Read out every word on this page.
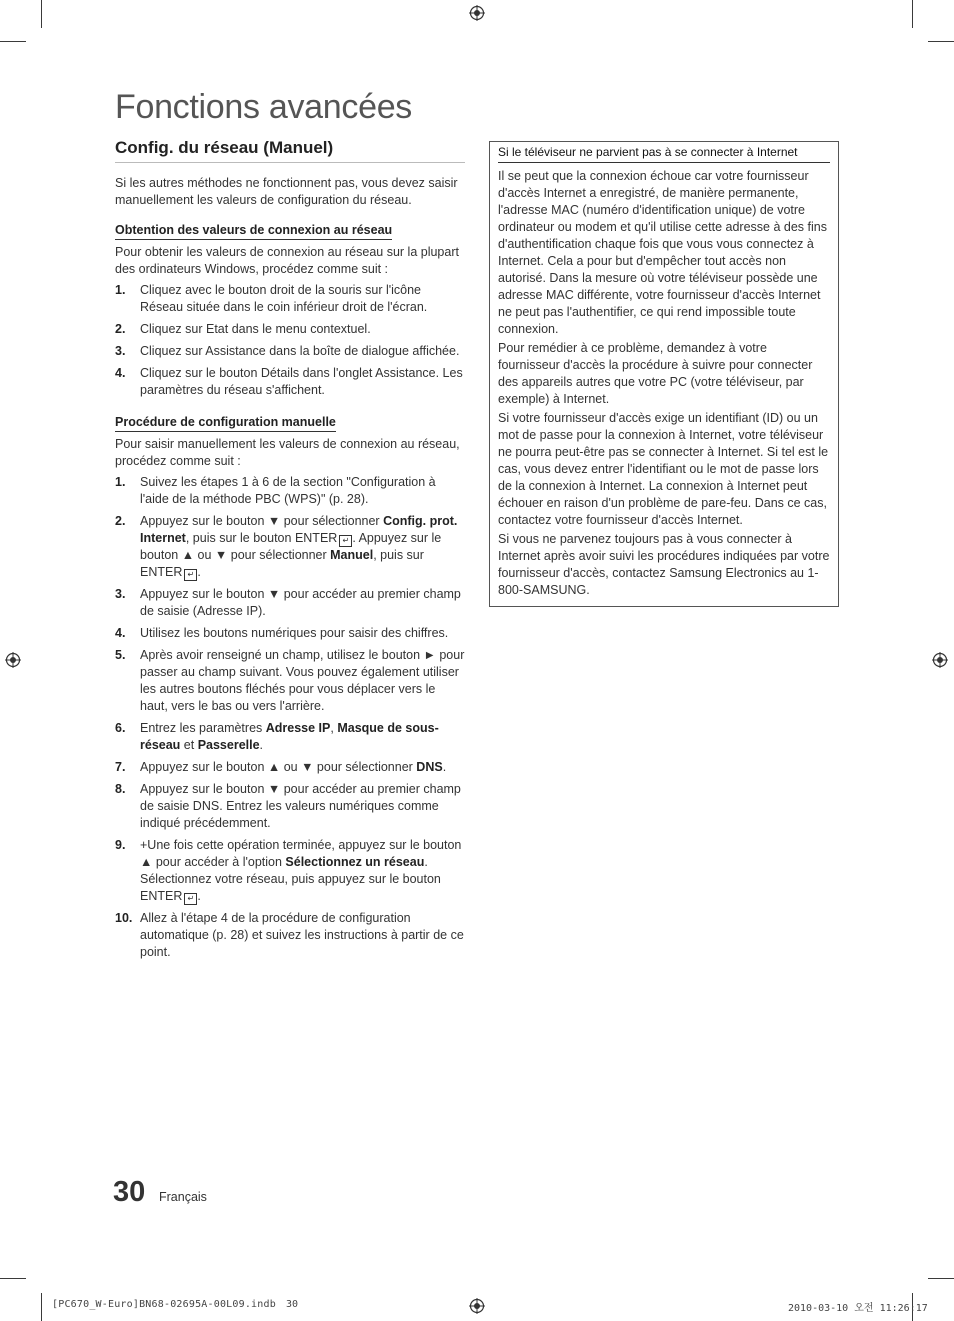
Fonctions avancées
Config. du réseau (Manuel)

Si les autres méthodes ne fonctionnent pas, vous devez saisir manuellement les valeurs de configuration du réseau.

Obtention des valeurs de connexion au réseau

Pour obtenir les valeurs de connexion au réseau sur la plupart des ordinateurs Windows, procédez comme suit :

1.	Cliquez avec le bouton droit de la souris sur l'icône Réseau située dans le coin inférieur droit de l'écran.
2.	Cliquez sur Etat dans le menu contextuel.
3.	Cliquez sur Assistance dans la boîte de dialogue affichée.
4.	Cliquez sur le bouton Détails dans l'onglet Assistance. Les paramètres du réseau s'affichent.
Procédure de configuration manuelle

Pour saisir manuellement les valeurs de connexion au réseau, procédez comme suit :

1.	Suivez les étapes 1 à 6 de la section "Configuration à l'aide de la méthode PBC (WPS)" (p. 28).
2.	Appuyez sur le bouton ▼ pour sélectionner Config. prot. Internet, puis sur le bouton ENTER ↵ . Appuyez sur le bouton ▲ ou ▼ pour sélectionner Manuel, puis sur ENTER ↵ .
3.	Appuyez sur le bouton ▼ pour accéder au premier champ de saisie (Adresse IP).
4.	Utilisez les boutons numériques pour saisir des chiffres.
5.	Après avoir renseigné un champ, utilisez le bouton ► pour passer au champ suivant. Vous pouvez également utiliser les autres boutons fléchés pour vous déplacer vers le haut, vers le bas ou vers l'arrière.
6.	Entrez les paramètres Adresse IP, Masque de sous-réseau et Passerelle.
7.	Appuyez sur le bouton ▲ ou ▼ pour sélectionner DNS.
8.	Appuyez sur le bouton ▼ pour accéder au premier champ de saisie DNS. Entrez les valeurs numériques comme indiqué précédemment.
9.	+Une fois cette opération terminée, appuyez sur le bouton ▲ pour accéder à l'option Sélectionnez un réseau. Sélectionnez votre réseau, puis appuyez sur le bouton ENTER ↵ .
10. Allez à l'étape 4 de la procédure de configuration automatique (p. 28) et suivez les instructions à partir de ce point.
Si le téléviseur ne parvient pas à se connecter à Internet

Il se peut que la connexion échoue car votre fournisseur d'accès Internet a enregistré, de manière permanente, l'adresse MAC (numéro d'identification unique) de votre ordinateur ou modem et qu'il utilise cette adresse à des fins d'authentification chaque fois que vous vous connectez à Internet. Cela a pour but d'empêcher tout accès non autorisé. Dans la mesure où votre téléviseur possède une adresse MAC différente, votre fournisseur d'accès Internet ne peut pas l'authentifier, ce qui rend impossible toute connexion.

Pour remédier à ce problème, demandez à votre fournisseur d'accès la procédure à suivre pour connecter des appareils autres que votre PC (votre téléviseur, par exemple) à Internet.

Si votre fournisseur d'accès exige un identifiant (ID) ou un mot de passe pour la connexion à Internet, votre téléviseur ne pourra peut-être pas se connecter à Internet. Si tel est le cas, vous devez entrer l'identifiant ou le mot de passe lors de la connexion à Internet. La connexion à Internet peut échouer en raison d'un problème de pare-feu. Dans ce cas, contactez votre fournisseur d'accès Internet.

Si vous ne parvenez toujours pas à vous connecter à Internet après avoir suivi les procédures indiquées par votre fournisseur d'accès, contactez Samsung Electronics au 1-800-SAMSUNG.

30 Français
[PC670_W-Euro]BN68-02695A-00L09.indb 30	2010-03-10 오전 11:26:17
